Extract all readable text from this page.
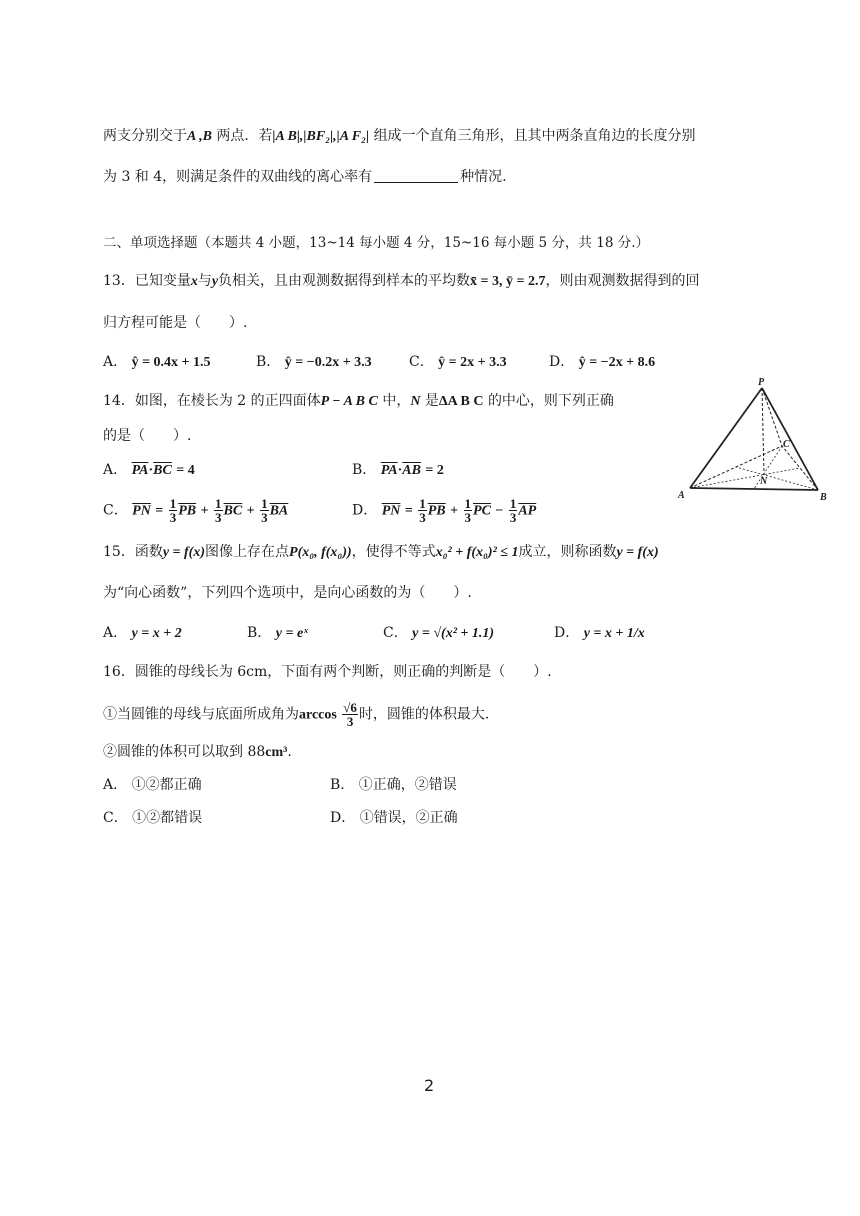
两支分别交于A ,B 两点．若|A B|,|BF₂|,|A F₂| 组成一个直角三角形，且其中两条直角边的长度分别
为 3 和 4，则满足条件的双曲线的离心率有	种情况.
二、单项选择题（本题共 4 小题，13~14 每小题 4 分，15~16 每小题 5 分，共 18 分.）
13．已知变量x与y负相关，且由观测数据得到样本的平均数x̄ = 3, ȳ = 2.7，则由观测数据得到的回
归方程可能是（　　）.
A． ŷ = 0.4x + 1.5	B． ŷ = −0.2x + 3.3	C． ŷ = 2x + 3.3	D． ŷ = −2x + 8.6
14．如图，在棱长为 2 的正四面体P − A B C 中，N 是ΔA B C 的中心，则下列正确
的是（　　）.
A． $\overline{PA}\cdot\overline{BC} = 4$	B． $\overline{PA}\cdot\overline{AB} = 2$
C． $\overline{PN} = \frac{1}{3} \overline{PB} + \frac{1}{3} \overline{BC} + \frac{1}{3} \overline{BA}$	D． $\overline{PN} = \frac{1}{3} \overline{PB} + \frac{1}{3} \overline{PC} - \frac{1}{3} \overline{AP}$
P
C
N
A	B
15．函数y = f(x)图像上存在点P(x₀, f(x₀))，使得不等式x₀² + f(x₀)² ≤ 1成立，则称函数y = f(x)
为“向心函数”，下列四个选项中，是向心函数的为（　　）.
A． y = x + 2	B． y = eˣ	C． y = √(x² + 1.1)	D． y = x + 1/x
16．圆锥的母线长为 6cm，下面有两个判断，则正确的判断是（　　）.
①当圆锥的母线与底面所成角为$\arccos \frac{√6}{3}$ 时，圆锥的体积最大.
②圆锥的体积可以取到 88cm³.
A． ①②都正确	B． ①正确，②错误
C． ①②都错误	D． ①错误，②正确
2
